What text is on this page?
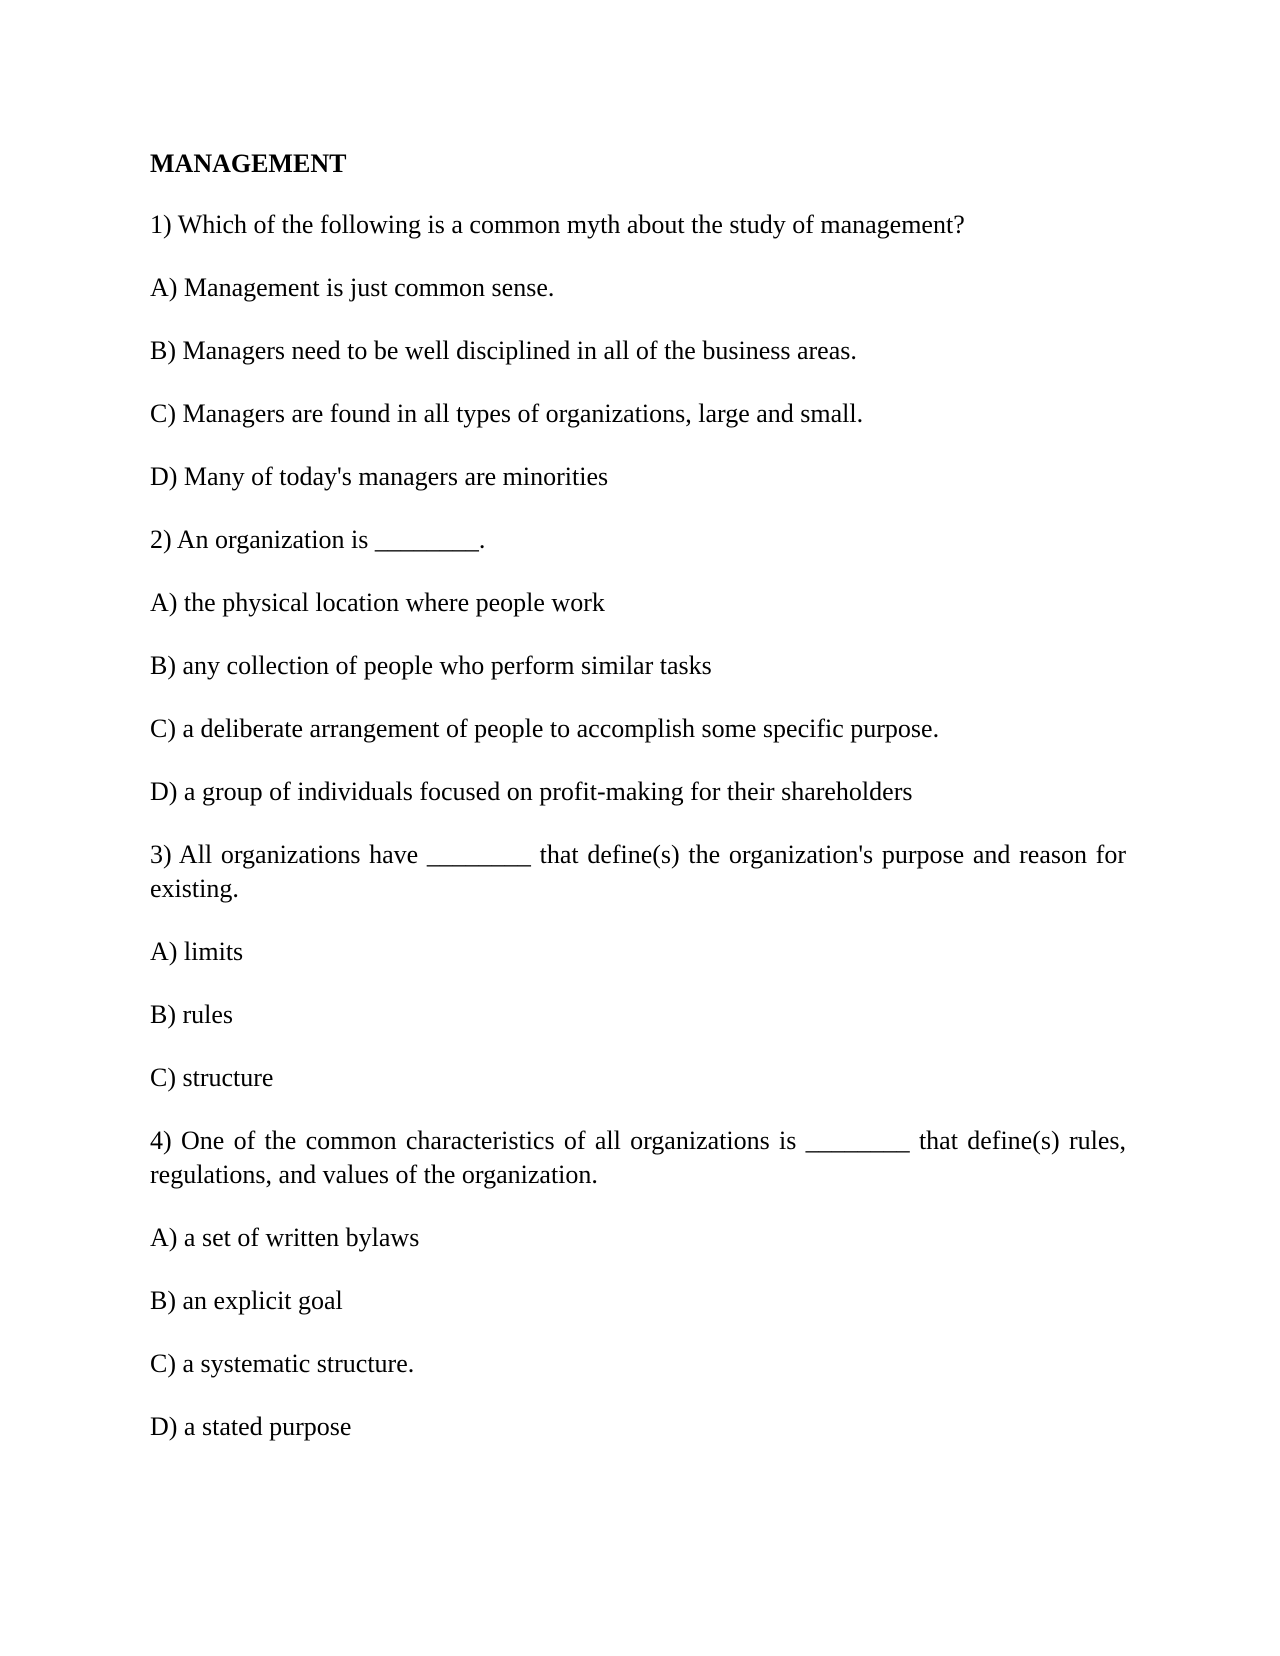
MANAGEMENT
1) Which of the following is a common myth about the study of management?
A) Management is just common sense.
B) Managers need to be well disciplined in all of the business areas.
C) Managers are found in all types of organizations, large and small.
D) Many of today's managers are minorities
2) An organization is ________.
A) the physical location where people work
B) any collection of people who perform similar tasks
C) a deliberate arrangement of people to accomplish some specific purpose.
D) a group of individuals focused on profit-making for their shareholders
3) All organizations have ________ that define(s) the organization's purpose and reason for existing.
A) limits
B) rules
C) structure
4) One of the common characteristics of all organizations is ________ that define(s) rules, regulations, and values of the organization.
A) a set of written bylaws
B) an explicit goal
C) a systematic structure.
D) a stated purpose
